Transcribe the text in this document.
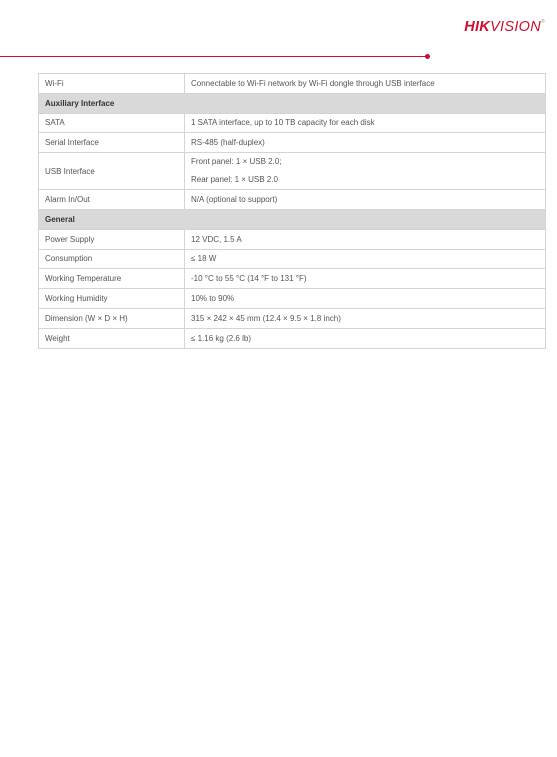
HIKVISION®
Wi-Fi	Connectable to Wi-Fi network by Wi-Fi dongle through USB interface
Auxiliary Interface	
SATA	1 SATA interface, up to 10 TB capacity for each disk
Serial Interface	RS-485 (half-duplex)
USB Interface	Front panel: 1 × USB 2.0;
Rear panel: 1 × USB 2.0

Alarm In/Out	N/A (optional to support)
General	
Power Supply	12 VDC, 1.5 A
Consumption	≤ 18 W
Working Temperature	-10 °C to 55 °C (14 °F to 131 °F)
Working Humidity	10% to 90%
Dimension (W × D × H)	315 × 242 × 45 mm (12.4 × 9.5 × 1.8 inch)
Weight	≤ 1.16 kg (2.6 lb)
